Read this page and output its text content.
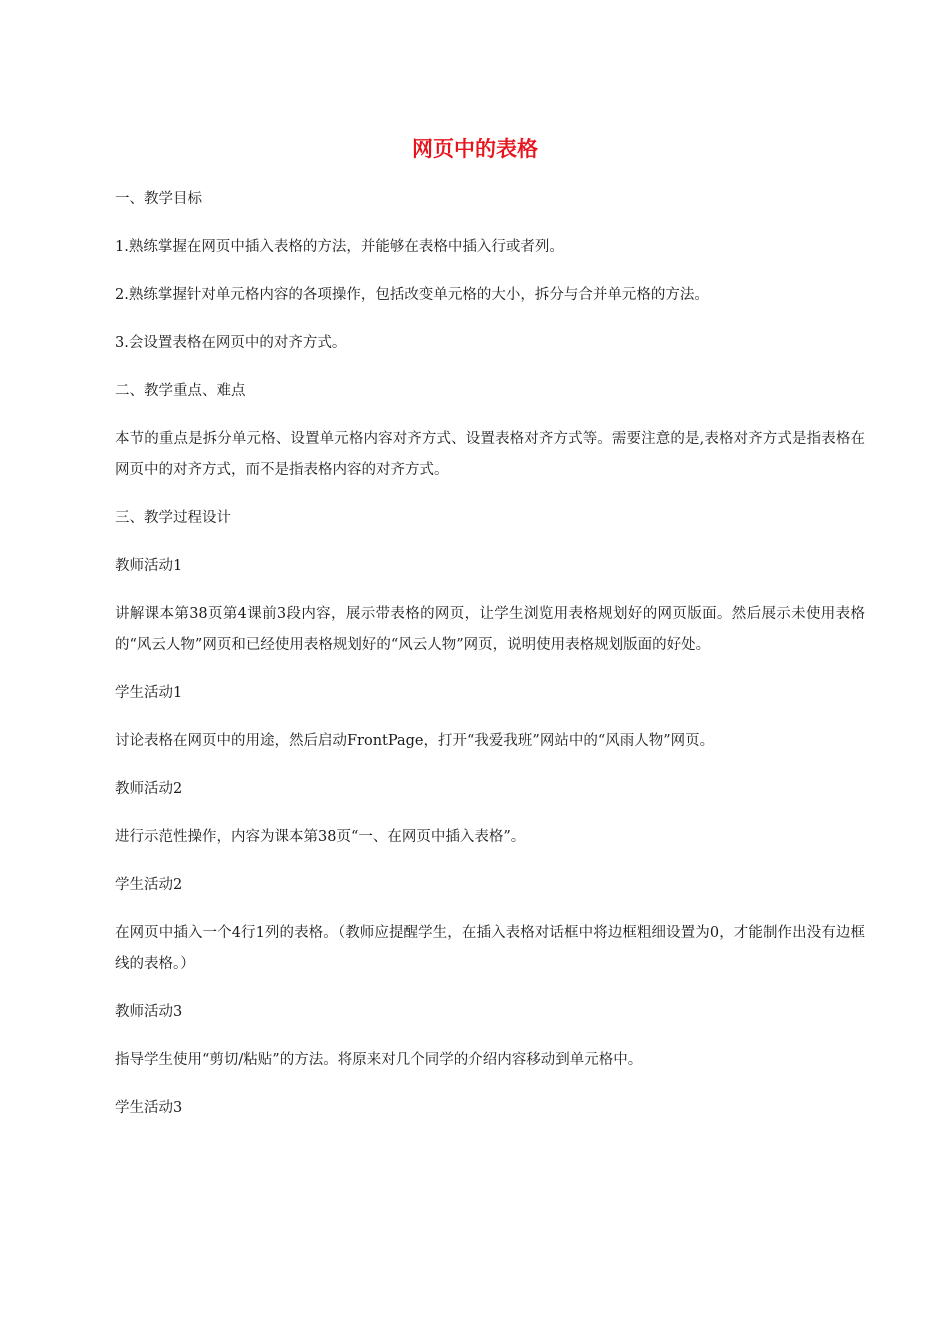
网页中的表格

一、教学目标

1.熟练掌握在网页中插入表格的方法，并能够在表格中插入行或者列。

2.熟练掌握针对单元格内容的各项操作，包括改变单元格的大小，拆分与合并单元格的方法。

3.会设置表格在网页中的对齐方式。

二、教学重点、难点

本节的重点是拆分单元格、设置单元格内容对齐方式、设置表格对齐方式等。需要注意的是,表格对齐方式是指表格在网页中的对齐方式，而不是指表格内容的对齐方式。

三、教学过程设计

教师活动1

讲解课本第38页第4课前3段内容，展示带表格的网页，让学生浏览用表格规划好的网页版面。然后展示未使用表格的“风云人物”网页和已经使用表格规划好的“风云人物”网页，说明使用表格规划版面的好处。

学生活动1

讨论表格在网页中的用途，然后启动FrontPage，打开“我爱我班”网站中的“风雨人物”网页。

教师活动2

进行示范性操作，内容为课本第38页“一、在网页中插入表格”。

学生活动2

在网页中插入一个4行1列的表格。（教师应提醒学生，在插入表格对话框中将边框粗细设置为0，才能制作出没有边框线的表格。）

教师活动3

指导学生使用“剪切/粘贴”的方法。将原来对几个同学的介绍内容移动到单元格中。

学生活动3
